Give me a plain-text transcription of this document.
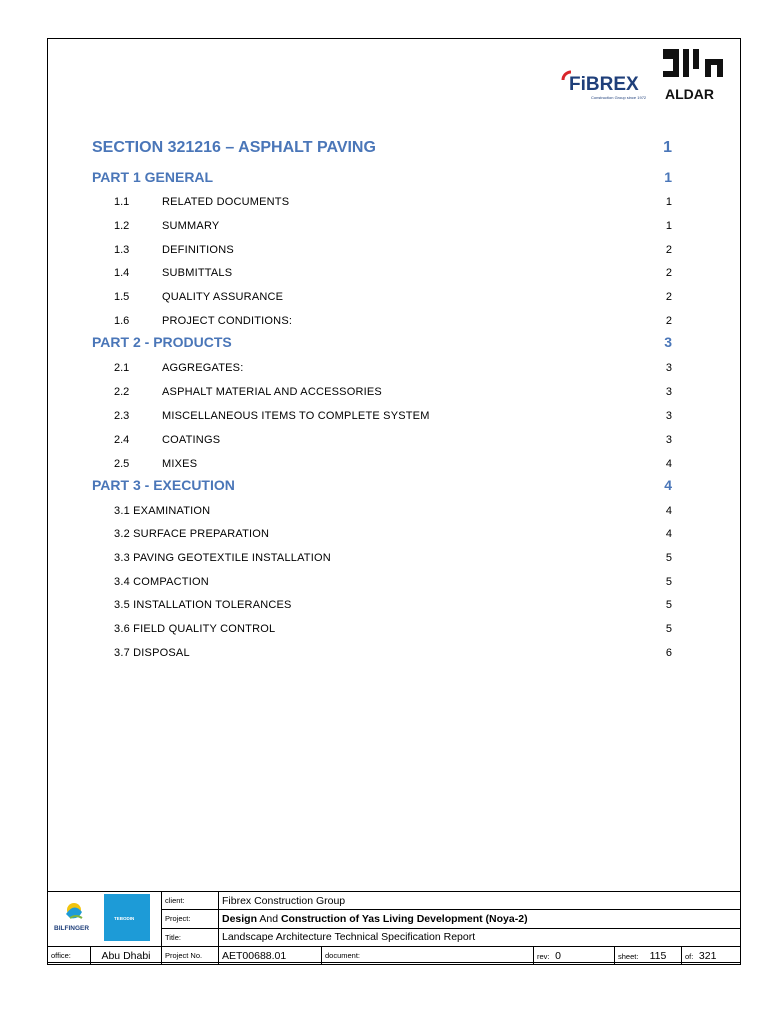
FiBREX
Construction Group since 1972 ALDAR
SECTION 321216 – ASPHALT PAVING	1
PART 1 GENERAL	1
1.1	RELATED DOCUMENTS	1
1.2	SUMMARY	1
1.3	DEFINITIONS	2
1.4	SUBMITTALS	2
1.5	QUALITY ASSURANCE	2
1.6	PROJECT CONDITIONS:	2
PART 2 - PRODUCTS	3
2.1	AGGREGATES:	3
2.2	ASPHALT MATERIAL AND ACCESSORIES	3
2.3	MISCELLANEOUS ITEMS TO COMPLETE SYSTEM	3
2.4	COATINGS	3
2.5	MIXES	4
PART 3 - EXECUTION	4
3.1 EXAMINATION	4
3.2 SURFACE PREPARATION	4
3.3 PAVING GEOTEXTILE INSTALLATION	5
3.4 COMPACTION	5
3.5 INSTALLATION TOLERANCES	5
3.6 FIELD QUALITY CONTROL	5
3.7 DISPOSAL	6
TEBODIN
BILFINGER		client:	Fibrex Construction Group				
		Project:	Design And Construction of Yas Living Development (Noya-2)				
		Title:	Landscape Architecture Technical Specification Report				
office:	Abu Dhabi	Project No.	AET00688.01	document:	rev: 0	sheet: 115	of: 321
